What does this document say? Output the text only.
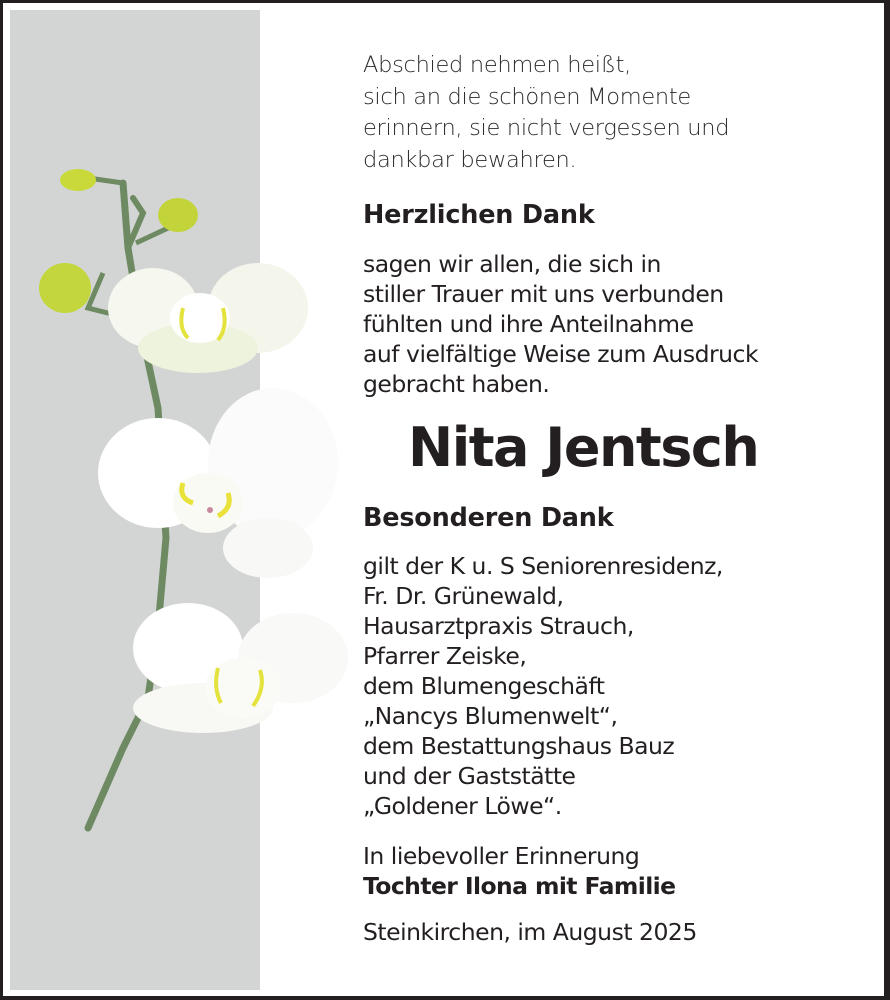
Abschied nehmen heißt,
sich an die schönen Momente
erinnern, sie nicht vergessen und
dankbar bewahren.
Herzlichen Dank
sagen wir allen, die sich in
stiller Trauer mit uns verbunden
fühlten und ihre Anteilnahme
auf vielfältige Weise zum Ausdruck
gebracht haben.
Nita Jentsch
Besonderen Dank
gilt der K u. S Seniorenresidenz,
Fr. Dr. Grünewald,
Hausarztpraxis Strauch,
Pfarrer Zeiske,
dem Blumengeschäft
„Nancys Blumenwelt“,
dem Bestattungshaus Bauz
und der Gaststätte
„Goldener Löwe“.
In liebevoller Erinnerung
Tochter Ilona mit Familie
Steinkirchen, im August 2025
